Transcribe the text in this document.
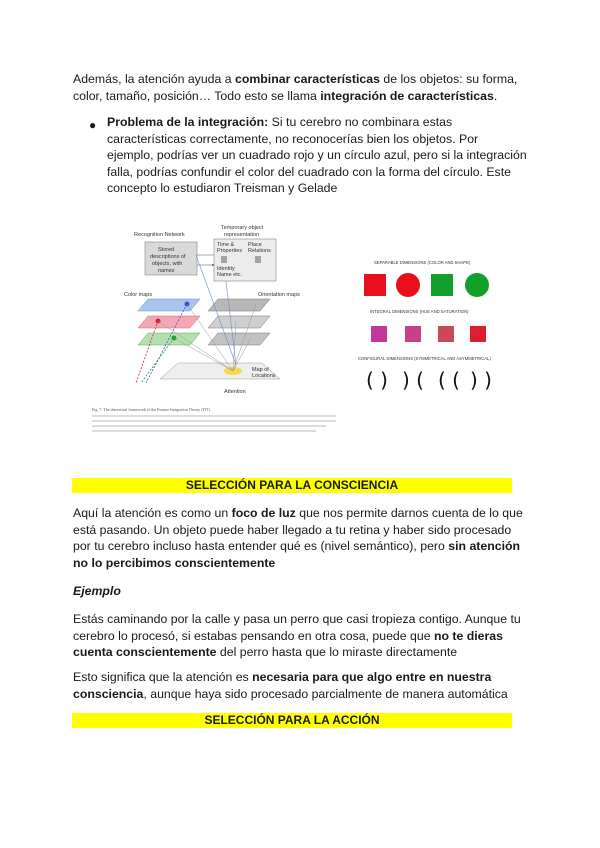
Además, la atención ayuda a combinar características de los objetos: su forma, color, tamaño, posición… Todo esto se llama integración de características.

● Problema de la integración: Si tu cerebro no combinara estas características correctamente, no reconocerías bien los objetos. Por ejemplo, podrías ver un cuadrado rojo y un círculo azul, pero si la integración falla, podrías confundir el color del cuadrado con la forma del círculo. Este concepto lo estudiaron Treisman y Gelade

Recognition Network
Stored
descriptions of
objects, with
names
Temporary object
representation
Time &
Properties
Place
Relations
Identity
Name etc.
Color maps	Orientation maps
Map of
Locations
Attention
Fig. 7. The theoretical framework of the Feature Integration Theory (FIT).
SEPARABLE DIMENSIONS (COLOR AND SHAPE)
INTEGRAL DIMENSIONS (HUE AND SATURATION)
CONFIGURAL DIMENSIONS (SYMMETRICAL AND ASYMMETRICAL)
( ) ) ( ( ( ) )
SELECCIÓN PARA LA CONSCIENCIA

Aquí la atención es como un foco de luz que nos permite darnos cuenta de lo que está pasando. Un objeto puede haber llegado a tu retina y haber sido procesado por tu cerebro incluso hasta entender qué es (nivel semántico), pero sin atención no lo percibimos conscientemente

Ejemplo

Estás caminando por la calle y pasa un perro que casi tropieza contigo. Aunque tu cerebro lo procesó, si estabas pensando en otra cosa, puede que no te dieras cuenta conscientemente del perro hasta que lo miraste directamente

Esto significa que la atención es necesaria para que algo entre en nuestra consciencia, aunque haya sido procesado parcialmente de manera automática

SELECCIÓN PARA LA ACCIÓN
